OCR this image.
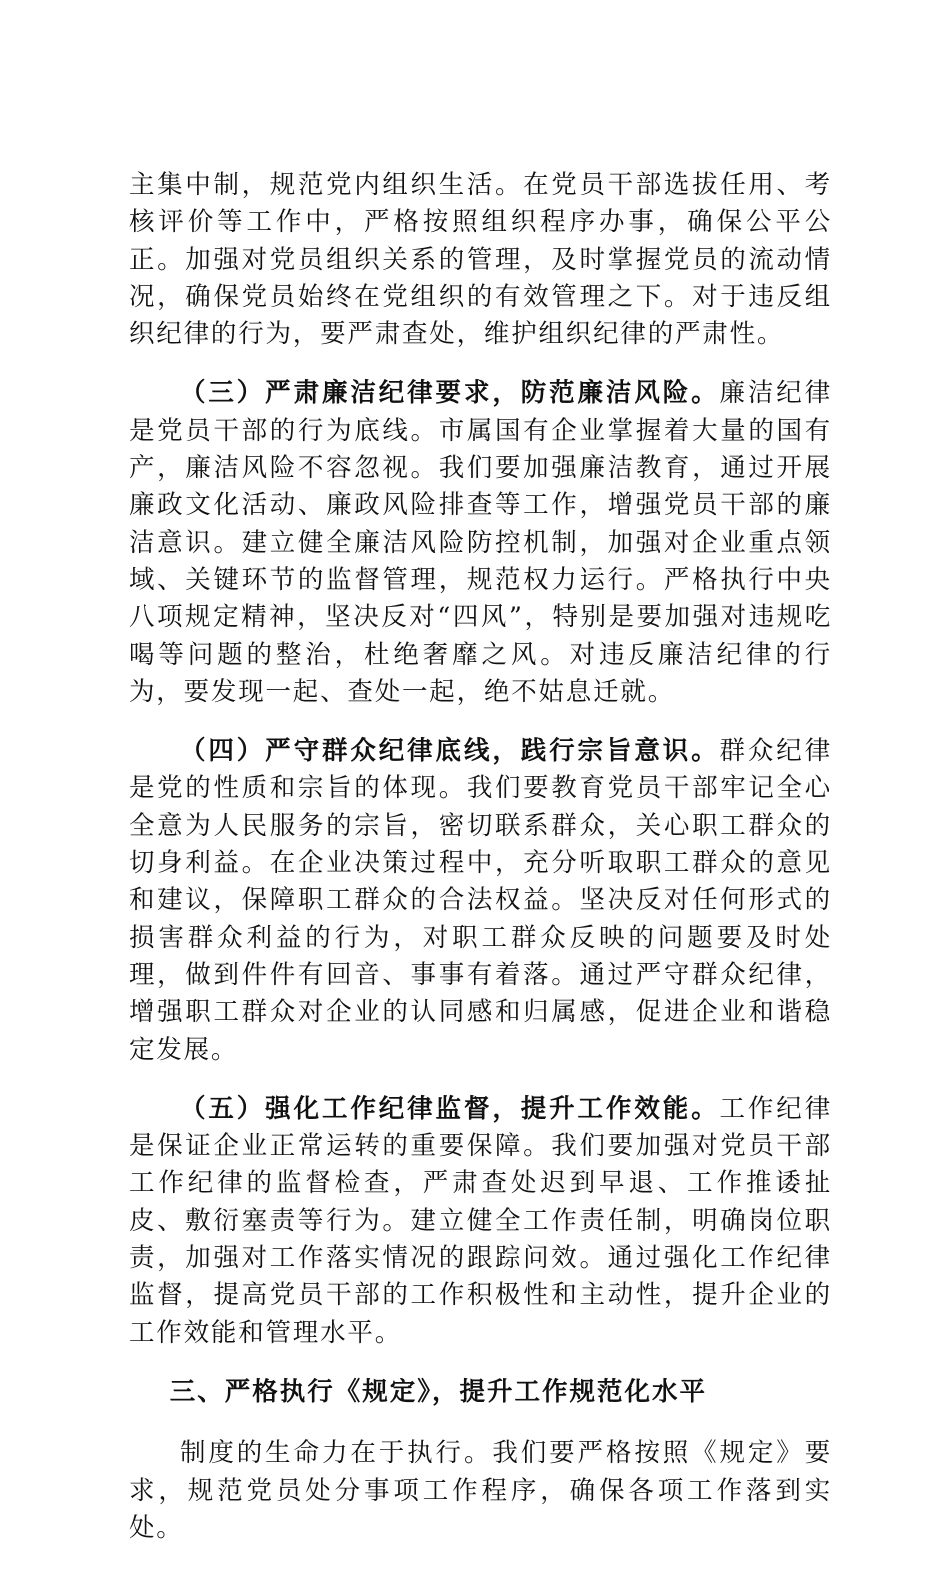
主集中制，规范党内组织生活。在党员干部选拔任用、考核评价等工作中，严格按照组织程序办事，确保公平公正。加强对党员组织关系的管理，及时掌握党员的流动情况，确保党员始终在党组织的有效管理之下。对于违反组织纪律的行为，要严肃查处，维护组织纪律的严肃性。

（三）严肃廉洁纪律要求，防范廉洁风险。廉洁纪律是党员干部的行为底线。市属国有企业掌握着大量的国有产，廉洁风险不容忽视。我们要加强廉洁教育，通过开展廉政文化活动、廉政风险排查等工作，增强党员干部的廉洁意识。建立健全廉洁风险防控机制，加强对企业重点领域、关键环节的监督管理，规范权力运行。严格执行中央八项规定精神，坚决反对“四风”，特别是要加强对违规吃喝等问题的整治，杜绝奢靡之风。对违反廉洁纪律的行为，要发现一起、查处一起，绝不姑息迁就。

（四）严守群众纪律底线，践行宗旨意识。群众纪律是党的性质和宗旨的体现。我们要教育党员干部牢记全心全意为人民服务的宗旨，密切联系群众，关心职工群众的切身利益。在企业决策过程中，充分听取职工群众的意见和建议，保障职工群众的合法权益。坚决反对任何形式的损害群众利益的行为，对职工群众反映的问题要及时处理，做到件件有回音、事事有着落。通过严守群众纪律，增强职工群众对企业的认同感和归属感，促进企业和谐稳定发展。

（五）强化工作纪律监督，提升工作效能。工作纪律是保证企业正常运转的重要保障。我们要加强对党员干部工作纪律的监督检查，严肃查处迟到早退、工作推诿扯皮、敷衍塞责等行为。建立健全工作责任制，明确岗位职责，加强对工作落实情况的跟踪问效。通过强化工作纪律监督，提高党员干部的工作积极性和主动性，提升企业的工作效能和管理水平。

三、严格执行《规定》，提升工作规范化水平

制度的生命力在于执行。我们要严格按照《规定》要求，规范党员处分事项工作程序，确保各项工作落到实处。
